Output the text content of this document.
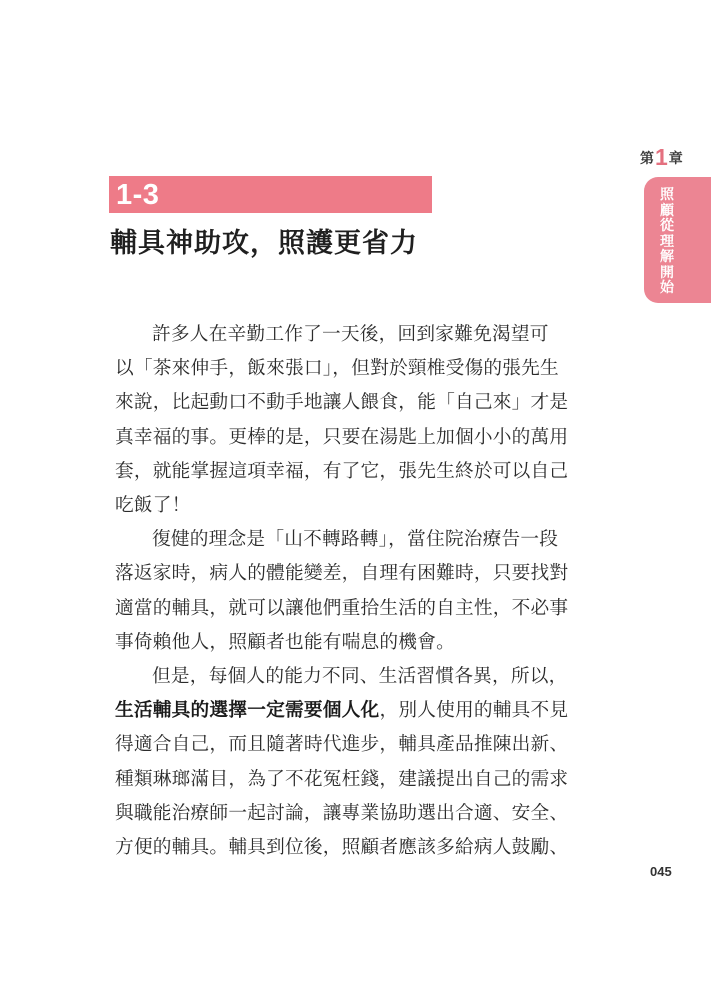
1-3
輔具神助攻，照護更省力
第1章
照顧從理解開始

許多人在辛勤工作了一天後，回到家難免渴望可
以「茶來伸手，飯來張口」，但對於頸椎受傷的張先生
來說，比起動口不動手地讓人餵食，能「自己來」才是
真幸福的事。更棒的是，只要在湯匙上加個小小的萬用
套，就能掌握這項幸福，有了它，張先生終於可以自己
吃飯了！

復健的理念是「山不轉路轉」，當住院治療告一段
落返家時，病人的體能變差，自理有困難時，只要找對
適當的輔具，就可以讓他們重拾生活的自主性，不必事
事倚賴他人，照顧者也能有喘息的機會。

但是，每個人的能力不同、生活習慣各異，所以，
生活輔具的選擇一定需要個人化，別人使用的輔具不見
得適合自己，而且隨著時代進步，輔具產品推陳出新、
種類琳瑯滿目，為了不花冤枉錢，建議提出自己的需求
與職能治療師一起討論，讓專業協助選出合適、安全、
方便的輔具。輔具到位後，照顧者應該多給病人鼓勵、

045
